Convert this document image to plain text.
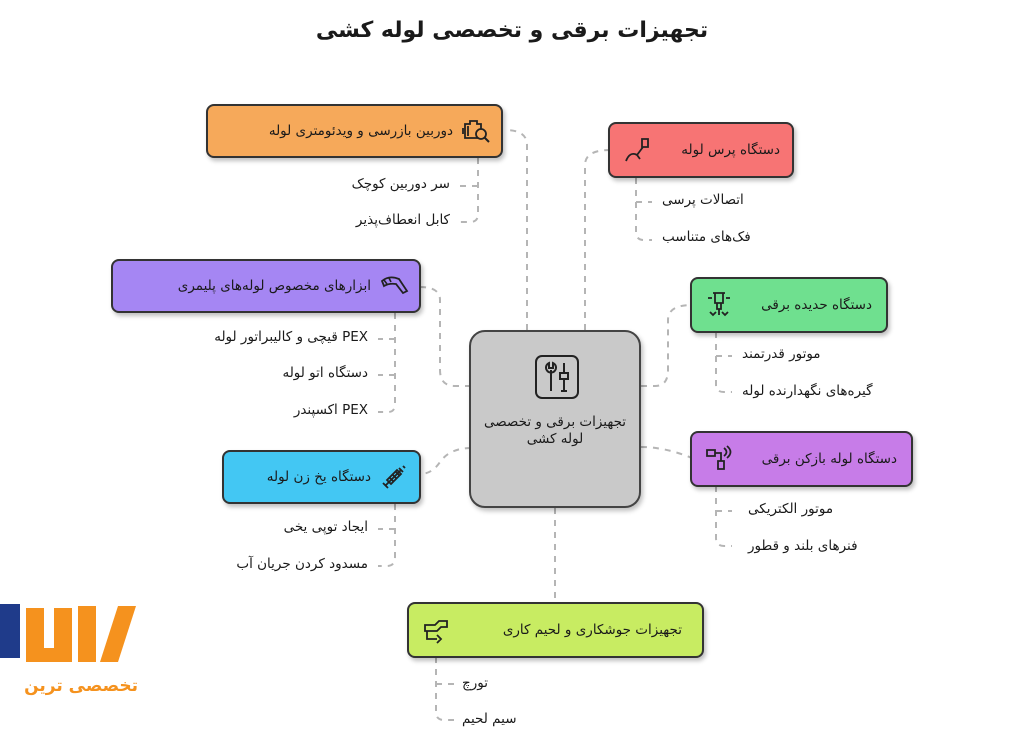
تجهیزات برقی و تخصصی لوله کشی
تجهیزات برقی و تخصصی لوله کشی
دوربین بازرسی و ویدئومتری لوله
سر دوربین کوچک
کابل انعطاف‌پذیر
ابزارهای مخصوص لوله‌های پلیمری
PEX قیچی و کالیبراتور لوله
دستگاه اتو لوله
PEX اکسپندر
دستگاه یخ زن لوله
ایجاد توپی یخی
مسدود کردن جریان آب
دستگاه پرس لوله
اتصالات پرسی
فک‌های متناسب
دستگاه حدیده برقی
موتور قدرتمند
گیره‌های نگهدارنده لوله
دستگاه لوله بازکن برقی
موتور الکتریکی
فنرهای بلند و قطور
تجهیزات جوشکاری و لحیم کاری
تورچ
سیم لحیم
تخصصی ترین
